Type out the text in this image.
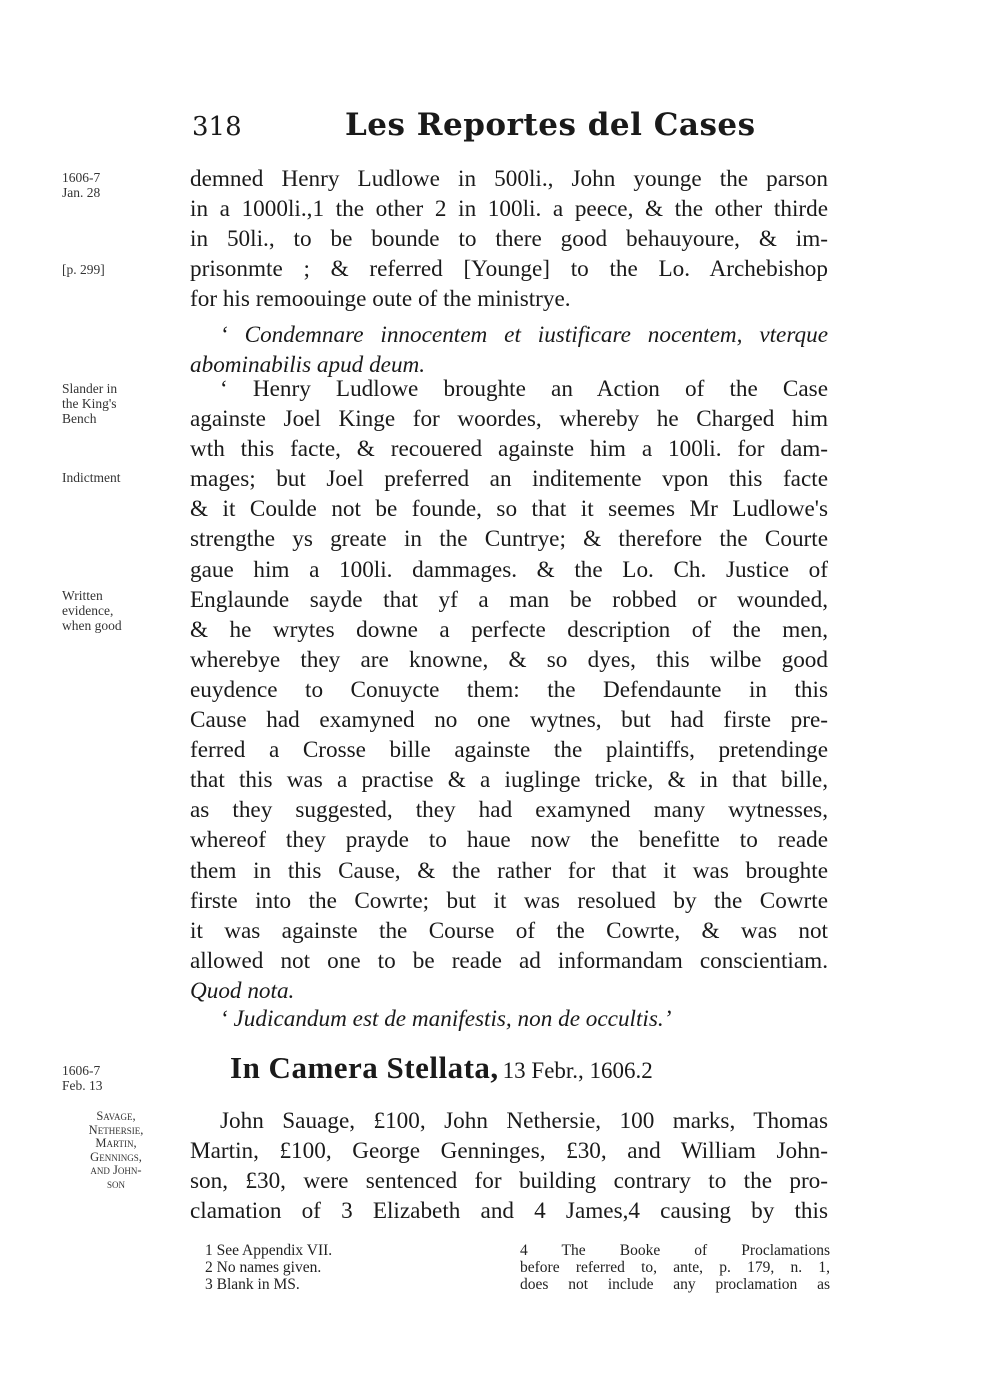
318	Les Reportes del Cases
1606-7
Jan. 28
[p. 299]
Slander in
the King's
Bench
Indictment
Written
evidence,
when good
1606-7
Feb. 13
Savage,
Nethersie,
Martin,
Gennings,
and John-
son
demned Henry Ludlowe in 500li., John younge the parson
in a 1000li.,1 the other 2 in 100li. a peece, & the other thirde
in 50li., to be bounde to there good behauyoure, & im-
prisonmte ; & referred [Younge] to the Lo. Archebishop
for his remoouinge oute of the ministrye.
‘ Condemnare innocentem et iustificare nocentem, vterque
abominabilis apud deum.
‘ Henry Ludlowe broughte an Action of the Case
againste Joel Kinge for woordes, whereby he Charged him
wth this facte, & recouered againste him a 100li. for dam-
mages; but Joel preferred an inditemente vpon this facte
& it Coulde not be founde, so that it seemes Mr Ludlowe's
strengthe ys greate in the Cuntrye; & therefore the Courte
gaue him a 100li. dammages. & the Lo. Ch. Justice of
Englaunde sayde that yf a man be robbed or wounded,
& he wrytes downe a perfecte description of the men,
wherebye they are knowne, & so dyes, this wilbe good
euydence to Conuycte them: the Defendaunte in this
Cause had examyned no one wytnes, but had firste pre-
ferred a Crosse bille againste the plaintiffs, pretendinge
that this was a practise & a iuglinge tricke, & in that bille,
as they suggested, they had examyned many wytnesses,
whereof they prayde to haue now the benefitte to reade
them in this Cause, & the rather for that it was broughte
firste into the Cowrte; but it was resolued by the Cowrte
it was againste the Course of the Cowrte, & was not
allowed not one to be reade ad informandam conscientiam.
Quod nota.
‘ Judicandum est de manifestis, non de occultis.’
In Camera Stellata, 13 Febr., 1606.2
John Sauage, £100, John Nethersie, 100 marks, Thomas
Martin, £100, George Genninges, £30, and William John-
son, £30, were sentenced for building contrary to the pro-
clamation of 3 Elizabeth and 4 James,4 causing by this
1 See Appendix VII.
2 No names given.
3 Blank in MS.
4 The Booke of Proclamations
before referred to, ante, p. 179, n. 1,
does not include any proclamation as
